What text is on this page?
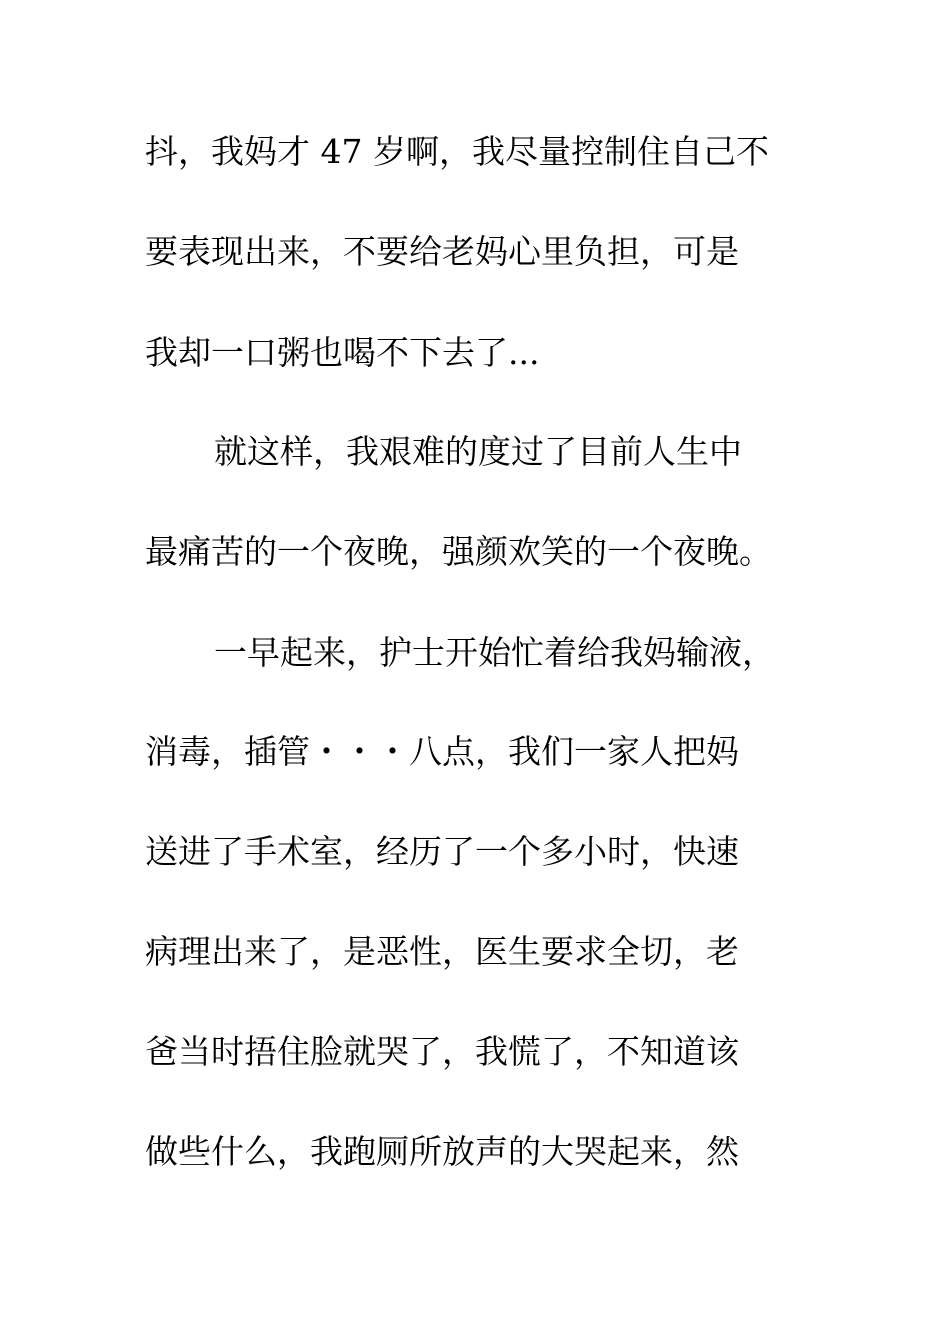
抖，我妈才 47 岁啊，我尽量控制住自己不
要表现出来，不要给老妈心里负担，可是
我却一口粥也喝不下去了...
就这样，我艰难的度过了目前人生中
最痛苦的一个夜晚，强颜欢笑的一个夜晚。
一早起来，护士开始忙着给我妈输液，
消毒，插管・・・八点，我们一家人把妈
送进了手术室，经历了一个多小时，快速
病理出来了，是恶性，医生要求全切，老
爸当时捂住脸就哭了，我慌了，不知道该
做些什么，我跑厕所放声的大哭起来，然
